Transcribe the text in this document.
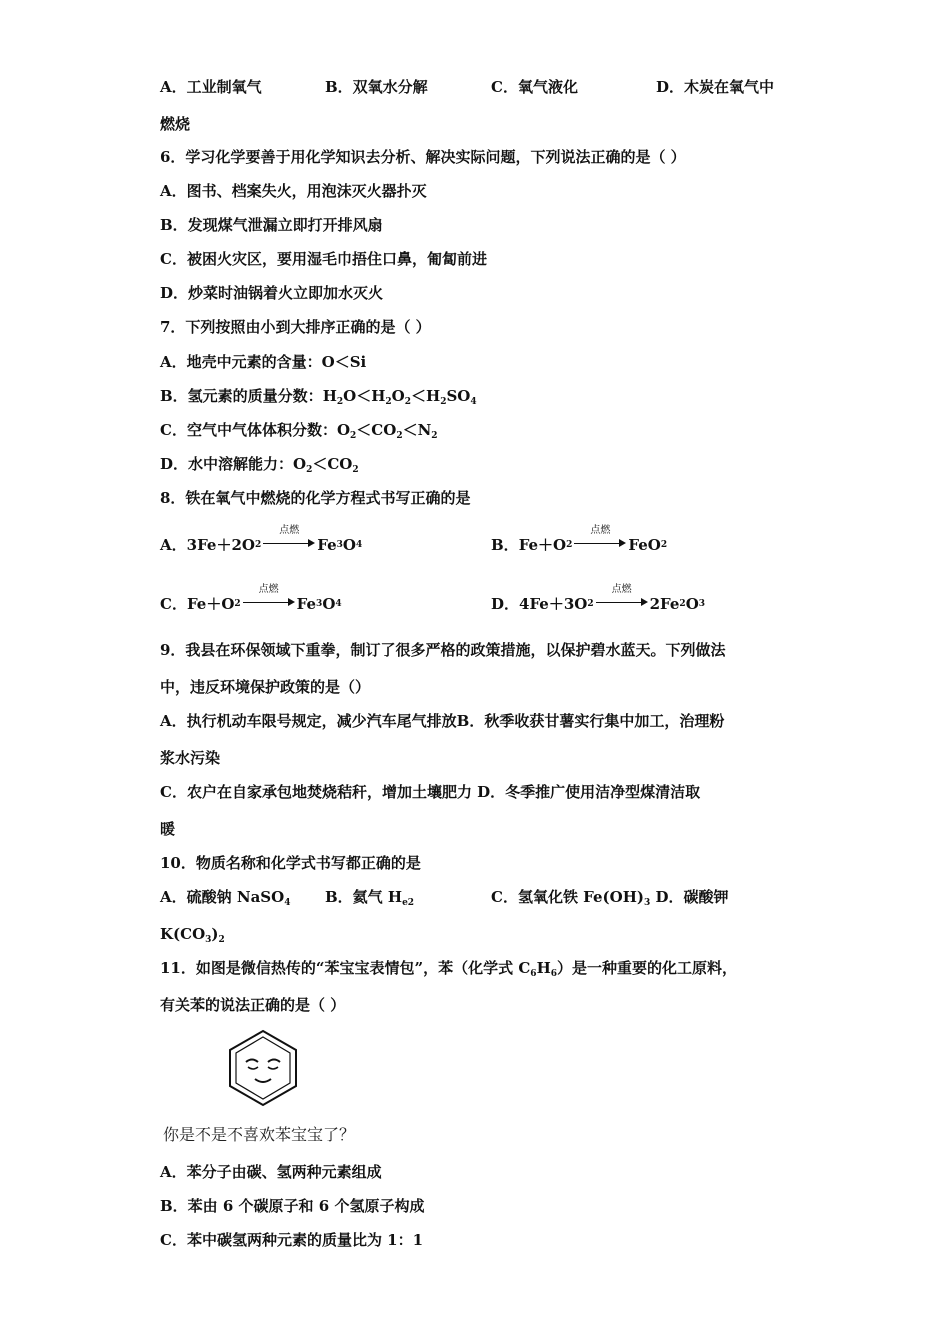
A．工业制氧气	B．双氧水分解	C．氧气液化	D．木炭在氧气中
燃烧
6．学习化学要善于用化学知识去分析、解决实际问题，下列说法正确的是（ ）
A．图书、档案失火，用泡沫灭火器扑灭
B．发现煤气泄漏立即打开排风扇
C．被困火灾区，要用湿毛巾捂住口鼻，匍匐前进
D．炒菜时油锅着火立即加水灭火
7．下列按照由小到大排序正确的是（ ）
A．地壳中元素的含量：O＜Si
B．氢元素的质量分数：$H_2O<H_2O_2<H_2SO_4$
C．空气中气体体积分数：$O_2<CO_2<N_2$
D．水中溶解能力：$O_2<CO_2$
8．铁在氧气中燃烧的化学方程式书写正确的是
A． 3Fe＋2O 2
点燃
Fe 3 O 4	B． Fe＋O 2
点燃
FeO 2
C． Fe＋O 2
点燃
Fe 3 O 4	D． 4Fe＋3O 2
点燃
2Fe 2 O 3
9．我县在环保领域下重拳，制订了很多严格的政策措施，以保护碧水蓝天。下列做法
中，违反环境保护政策的是（）
A．执行机动车限号规定，减少汽车尾气排放B．秋季收获甘薯实行集中加工，治理粉
浆水污染
C．农户在自家承包地焚烧秸秆，增加土壤肥力 D．冬季推广使用洁净型煤清洁取
暖
10．物质名称和化学式书写都正确的是
A．硫酸钠 NaSO$_4$ B．氦气 $H_{e2}$	C．氢氧化铁 $Fe(OH)_3$ D．碳酸钾
$K(CO_3)_2$
11．如图是微信热传的“苯宝宝表情包”，苯（化学式 $C_6H_6$）是一种重要的化工原料，
有关苯的说法正确的是（ ）
你是不是不喜欢苯宝宝了？
A．苯分子由碳、氢两种元素组成
B．苯由 6 个碳原子和 6 个氢原子构成
C．苯中碳氢两种元素的质量比为 1：1
